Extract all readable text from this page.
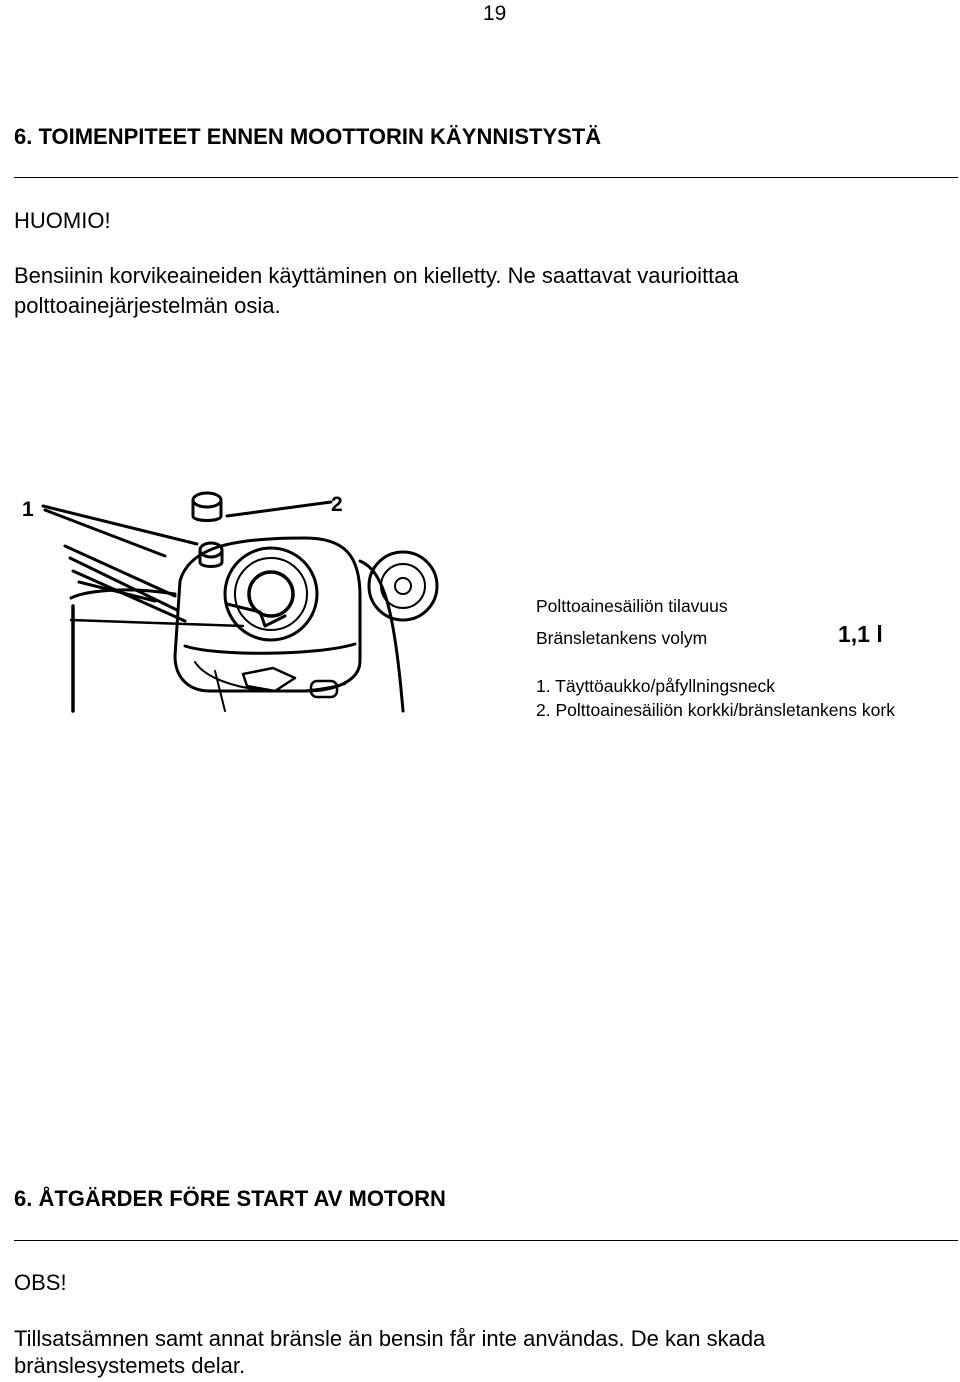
19
6. TOIMENPITEET ENNEN MOOTTORIN KÄYNNISTYSTÄ

HUOMIO!

Bensiinin korvikeaineiden käyttäminen on kielletty. Ne saattavat vaurioittaa

polttoainejärjestelmän osia.

1	2
Polttoainesäiliön tilavuus
Bränsletankens volym	1,1 l
1. Täyttöaukko/påfyllningsneck
2. Polttoainesäiliön korkki/bränsletankens kork
6. ÅTGÄRDER FÖRE START AV MOTORN

OBS!

Tillsatsämnen samt annat bränsle än bensin får inte användas. De kan skada

bränslesystemets delar.
